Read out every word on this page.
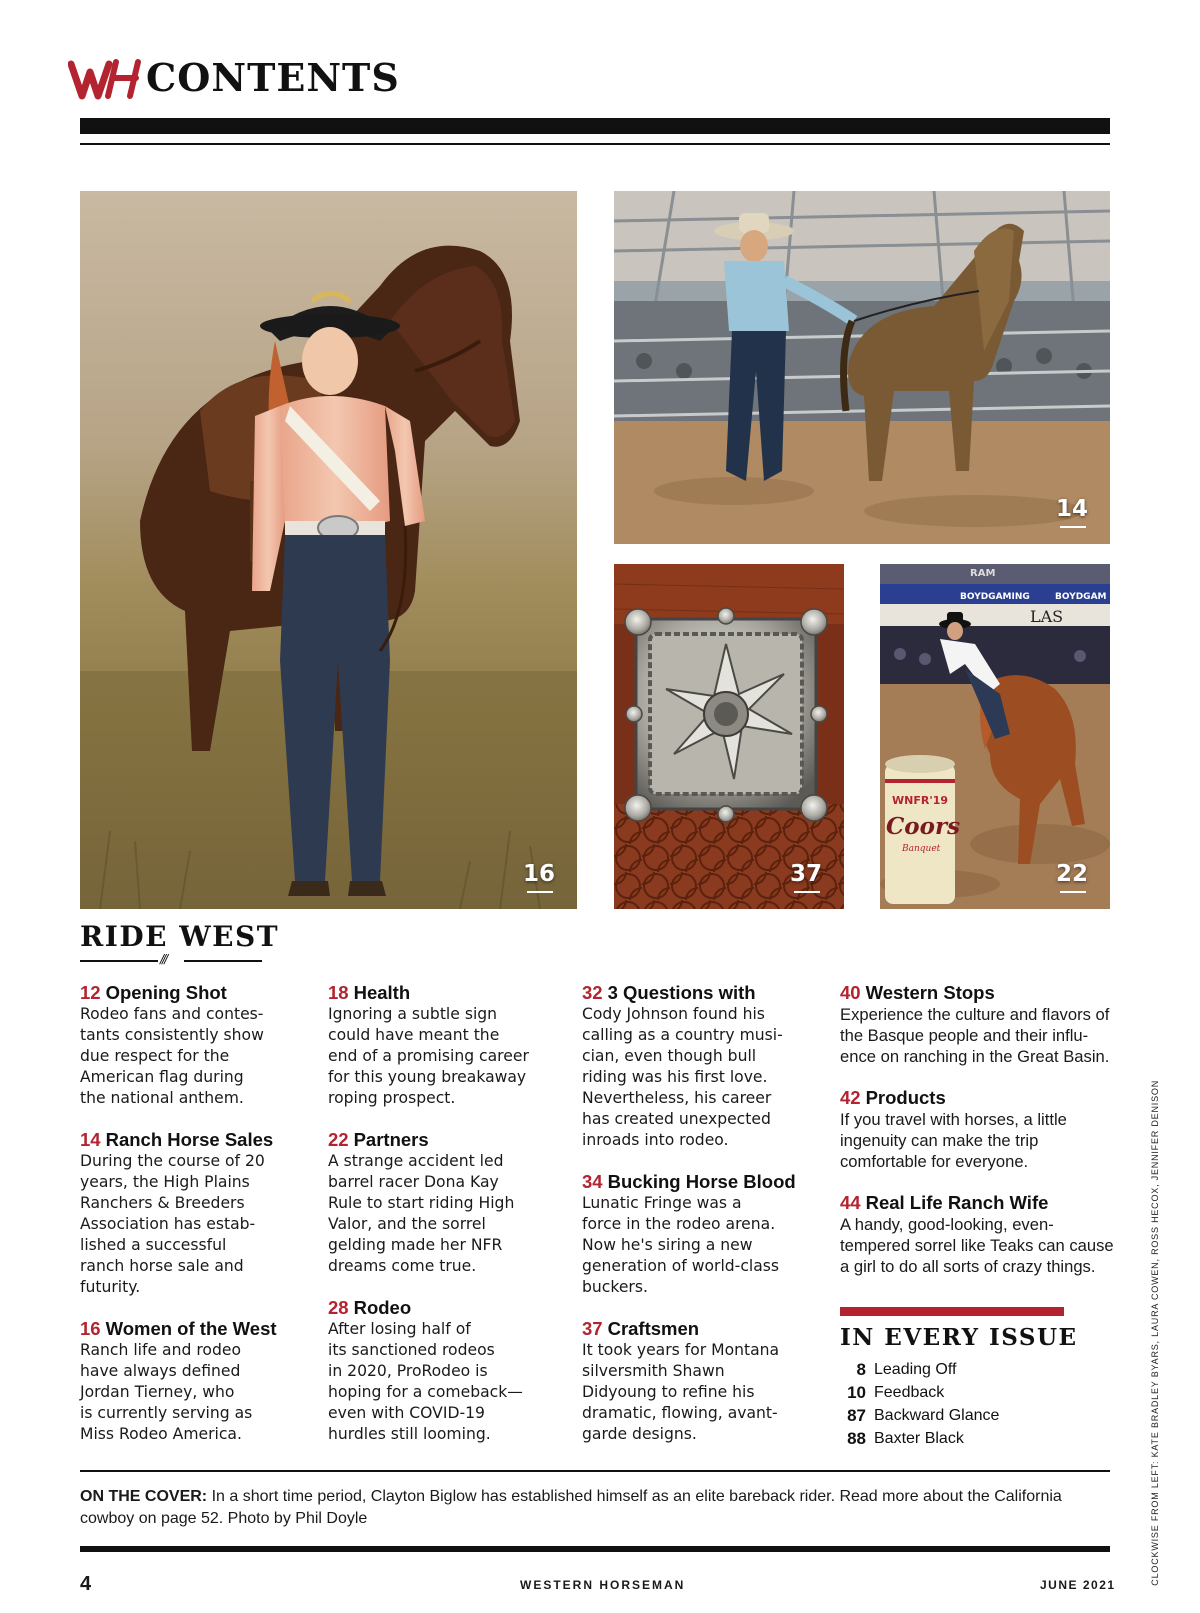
CONTENTS
16
14
37
BOYDGAMING	BOYDGAM
RAM
LAS
WNFR'19
Coors
Banquet
22
RIDE WEST
///
12 Opening Shot
Rodeo fans and contes-
tants consistently show
due respect for the
American flag during
the national anthem.
14 Ranch Horse Sales
During the course of 20
years, the High Plains
Ranchers & Breeders
Association has estab-
lished a successful
ranch horse sale and
futurity.
16 Women of the West
Ranch life and rodeo
have always defined
Jordan Tierney, who
is currently serving as
Miss Rodeo America.
18 Health
Ignoring a subtle sign
could have meant the
end of a promising career
for this young breakaway
roping prospect.
22 Partners
A strange accident led
barrel racer Dona Kay
Rule to start riding High
Valor, and the sorrel
gelding made her NFR
dreams come true.
28 Rodeo
After losing half of
its sanctioned rodeos
in 2020, ProRodeo is
hoping for a comeback—
even with COVID-19
hurdles still looming.
32 3 Questions with
Cody Johnson found his
calling as a country musi-
cian, even though bull
riding was his first love.
Nevertheless, his career
has created unexpected
inroads into rodeo.
34 Bucking Horse Blood
Lunatic Fringe was a
force in the rodeo arena.
Now he's siring a new
generation of world-class
buckers.
37 Craftsmen
It took years for Montana
silversmith Shawn
Didyoung to refine his
dramatic, flowing, avant-
garde designs.
40 Western Stops
Experience the culture and flavors of
the Basque people and their influ-
ence on ranching in the Great Basin.
42 Products
If you travel with horses, a little
ingenuity can make the trip
comfortable for everyone.
44 Real Life Ranch Wife
A handy, good-looking, even-
tempered sorrel like Teaks can cause
a girl to do all sorts of crazy things.
IN EVERY ISSUE
8 Leading Off
10 Feedback
87 Backward Glance
88 Baxter Black
ON THE COVER: In a short time period, Clayton Biglow has established himself as an elite bareback rider. Read more about the California cowboy on page 52. Photo by Phil Doyle
4	WESTERN HORSEMAN	JUNE 2021	CLOCKWISE FROM LEFT: KATE BRADLEY BYARS, LAURA COWEN, ROSS HECOX, JENNIFER DENISON
